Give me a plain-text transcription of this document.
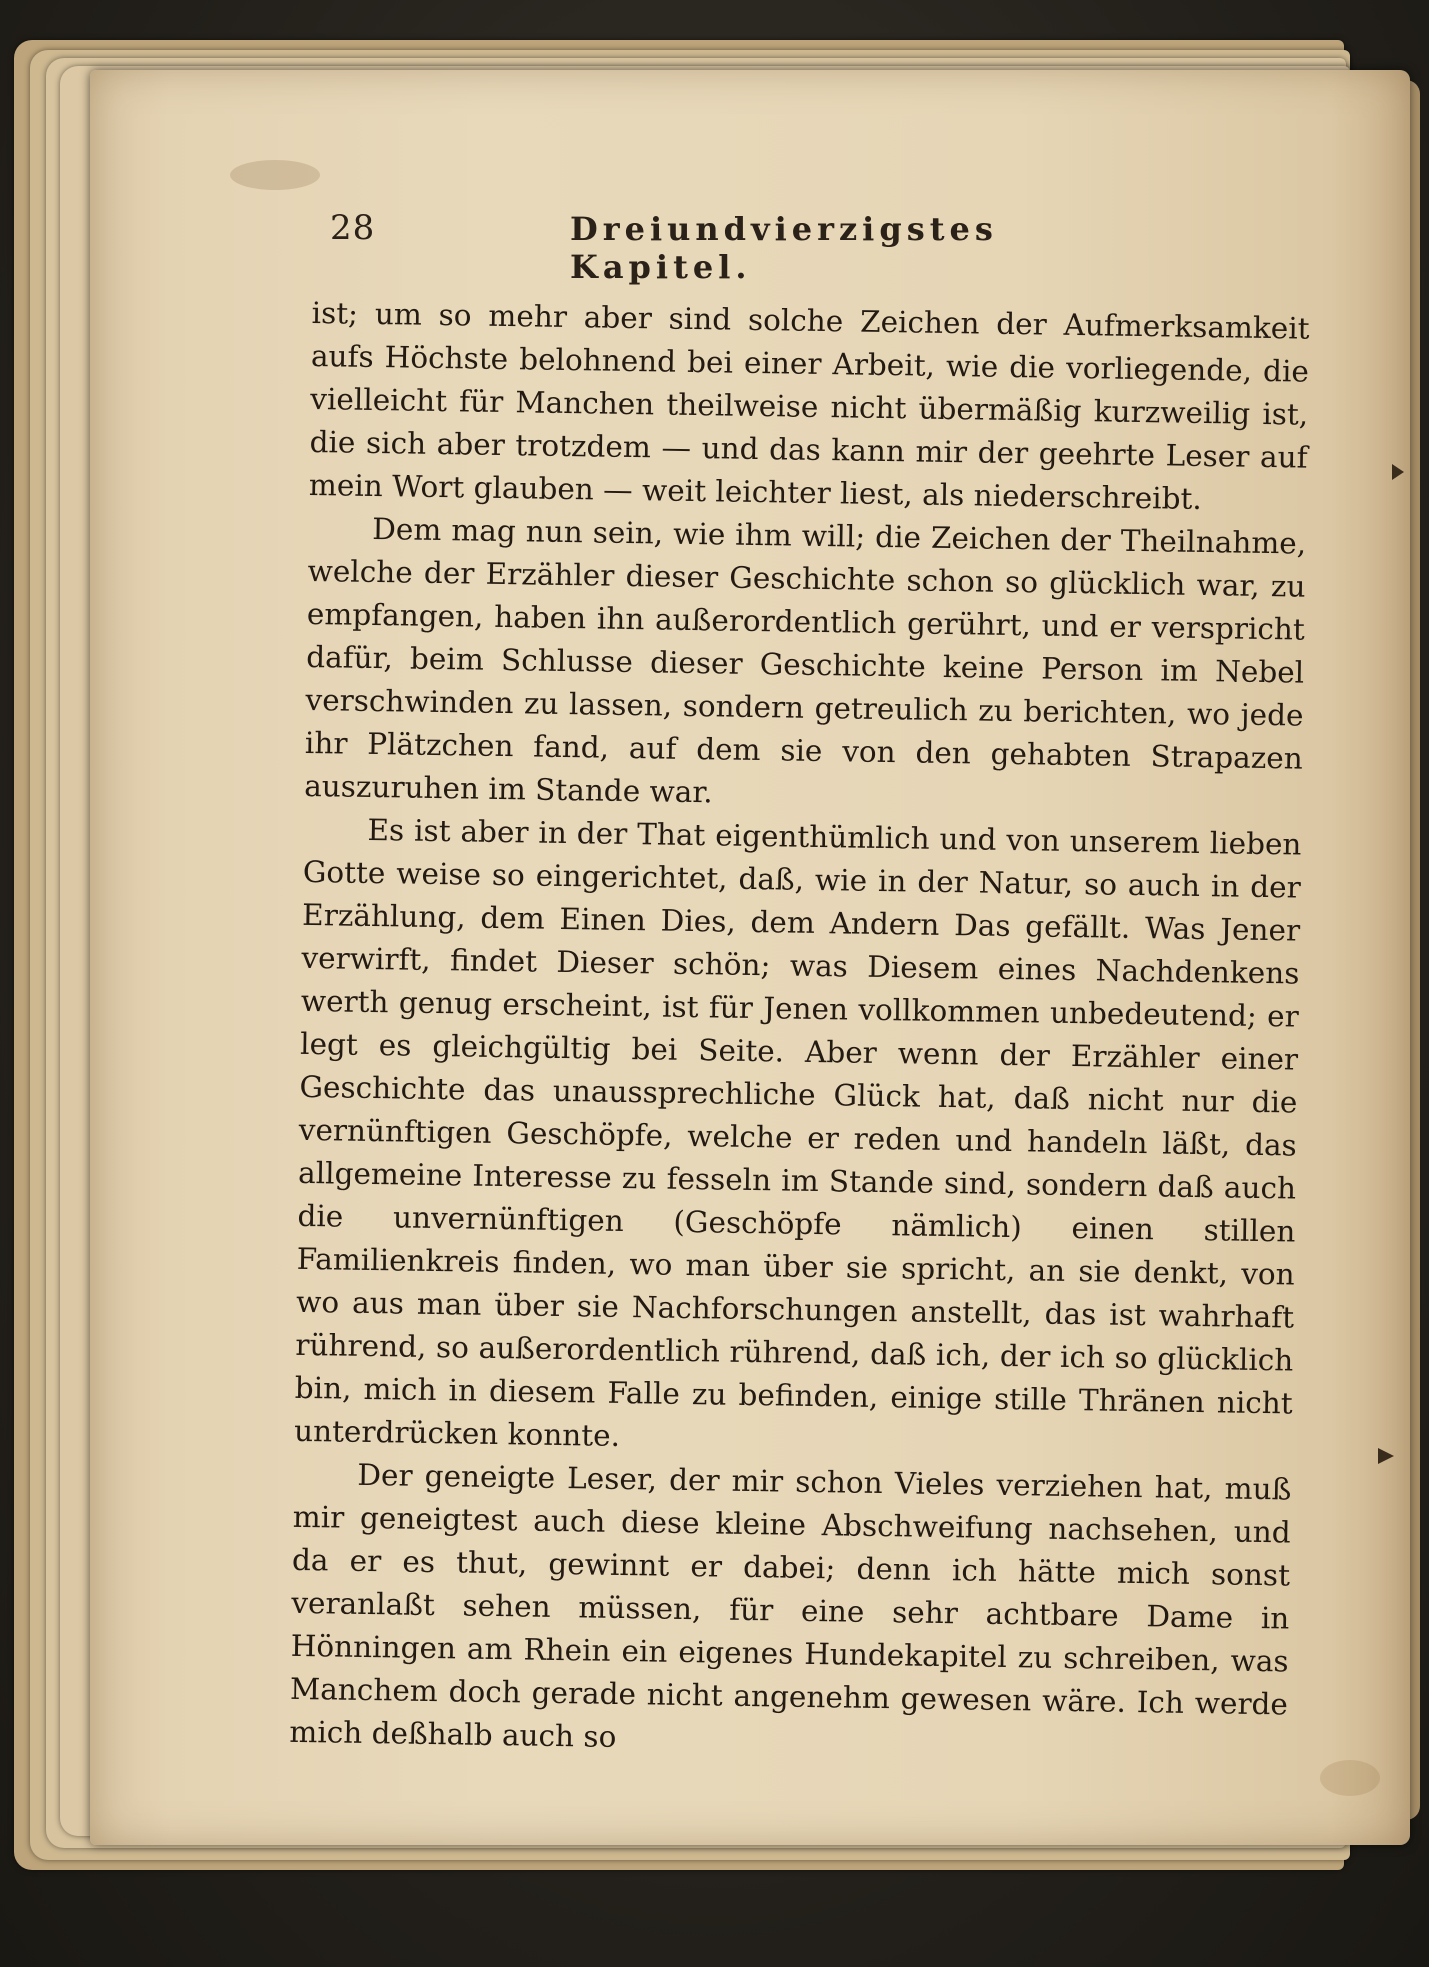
28	Dreiundvierzigstes Kapitel.

ist; um so mehr aber sind solche Zeichen der Aufmerksamkeit aufs Höchste belohnend bei einer Arbeit, wie die vorliegende, die vielleicht für Manchen theilweise nicht übermäßig kurzweilig ist, die sich aber trotzdem — und das kann mir der geehrte Leser auf mein Wort glauben — weit leichter liest, als niederschreibt.

Dem mag nun sein, wie ihm will; die Zeichen der Theilnahme, welche der Erzähler dieser Geschichte schon so glücklich war, zu empfangen, haben ihn außerordentlich gerührt, und er verspricht dafür, beim Schlusse dieser Geschichte keine Person im Nebel verschwinden zu lassen, sondern getreulich zu berichten, wo jede ihr Plätzchen fand, auf dem sie von den gehabten Strapazen auszuruhen im Stande war.

Es ist aber in der That eigenthümlich und von unserem lieben Gotte weise so eingerichtet, daß, wie in der Natur, so auch in der Erzählung, dem Einen Dies, dem Andern Das gefällt. Was Jener verwirft, findet Dieser schön; was Diesem eines Nachdenkens werth genug erscheint, ist für Jenen vollkommen unbedeutend; er legt es gleichgültig bei Seite. Aber wenn der Erzähler einer Geschichte das unaussprechliche Glück hat, daß nicht nur die vernünftigen Geschöpfe, welche er reden und handeln läßt, das allgemeine Interesse zu fesseln im Stande sind, sondern daß auch die unvernünftigen (Geschöpfe nämlich) einen stillen Familienkreis finden, wo man über sie spricht, an sie denkt, von wo aus man über sie Nachforschungen anstellt, das ist wahrhaft rührend, so außerordentlich rührend, daß ich, der ich so glücklich bin, mich in diesem Falle zu befinden, einige stille Thränen nicht unterdrücken konnte.

Der geneigte Leser, der mir schon Vieles verziehen hat, muß mir geneigtest auch diese kleine Abschweifung nachsehen, und da er es thut, gewinnt er dabei; denn ich hätte mich sonst veranlaßt sehen müssen, für eine sehr achtbare Dame in Hönningen am Rhein ein eigenes Hundekapitel zu schreiben, was Manchem doch gerade nicht angenehm gewesen wäre. Ich werde mich deßhalb auch so
